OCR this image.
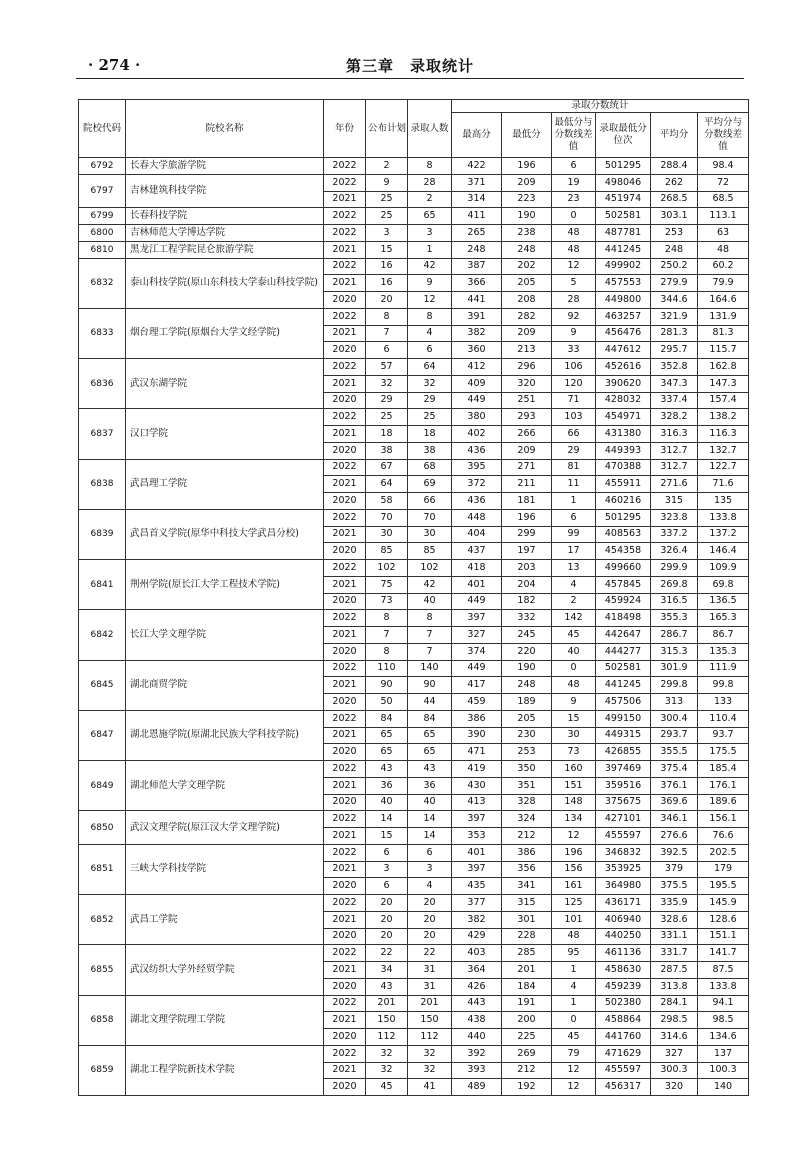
· 274 ·	第三章　录取统计
院校代码	院校名称	年份	公布计划	录取人数	录取分数统计					
					最高分	最低分	最低分与分数线差值	录取最低分位次	平均分	平均分与分数线差值
6792	长春大学旅游学院	2022	2	8	422	196	6	501295	288.4	98.4
6797	吉林建筑科技学院	2022	9	28	371	209	19	498046	262	72
		2021	25	2	314	223	23	451974	268.5	68.5
6799	长春科技学院	2022	25	65	411	190	0	502581	303.1	113.1
6800	吉林师范大学博达学院	2022	3	3	265	238	48	487781	253	63
6810	黑龙江工程学院昆仑旅游学院	2021	15	1	248	248	48	441245	248	48
6832	泰山科技学院(原山东科技大学泰山科技学院)	2022	16	42	387	202	12	499902	250.2	60.2
		2021	16	9	366	205	5	457553	279.9	79.9
		2020	20	12	441	208	28	449800	344.6	164.6
6833	烟台理工学院(原烟台大学文经学院)	2022	8	8	391	282	92	463257	321.9	131.9
		2021	7	4	382	209	9	456476	281.3	81.3
		2020	6	6	360	213	33	447612	295.7	115.7
6836	武汉东湖学院	2022	57	64	412	296	106	452616	352.8	162.8
		2021	32	32	409	320	120	390620	347.3	147.3
		2020	29	29	449	251	71	428032	337.4	157.4
6837	汉口学院	2022	25	25	380	293	103	454971	328.2	138.2
		2021	18	18	402	266	66	431380	316.3	116.3
		2020	38	38	436	209	29	449393	312.7	132.7
6838	武昌理工学院	2022	67	68	395	271	81	470388	312.7	122.7
		2021	64	69	372	211	11	455911	271.6	71.6
		2020	58	66	436	181	1	460216	315	135
6839	武昌首义学院(原华中科技大学武昌分校)	2022	70	70	448	196	6	501295	323.8	133.8
		2021	30	30	404	299	99	408563	337.2	137.2
		2020	85	85	437	197	17	454358	326.4	146.4
6841	荆州学院(原长江大学工程技术学院)	2022	102	102	418	203	13	499660	299.9	109.9
		2021	75	42	401	204	4	457845	269.8	69.8
		2020	73	40	449	182	2	459924	316.5	136.5
6842	长江大学文理学院	2022	8	8	397	332	142	418498	355.3	165.3
		2021	7	7	327	245	45	442647	286.7	86.7
		2020	8	7	374	220	40	444277	315.3	135.3
6845	湖北商贸学院	2022	110	140	449	190	0	502581	301.9	111.9
		2021	90	90	417	248	48	441245	299.8	99.8
		2020	50	44	459	189	9	457506	313	133
6847	湖北恩施学院(原湖北民族大学科技学院)	2022	84	84	386	205	15	499150	300.4	110.4
		2021	65	65	390	230	30	449315	293.7	93.7
		2020	65	65	471	253	73	426855	355.5	175.5
6849	湖北师范大学文理学院	2022	43	43	419	350	160	397469	375.4	185.4
		2021	36	36	430	351	151	359516	376.1	176.1
		2020	40	40	413	328	148	375675	369.6	189.6
6850	武汉文理学院(原江汉大学文理学院)	2022	14	14	397	324	134	427101	346.1	156.1
		2021	15	14	353	212	12	455597	276.6	76.6
6851	三峡大学科技学院	2022	6	6	401	386	196	346832	392.5	202.5
		2021	3	3	397	356	156	353925	379	179
		2020	6	4	435	341	161	364980	375.5	195.5
6852	武昌工学院	2022	20	20	377	315	125	436171	335.9	145.9
		2021	20	20	382	301	101	406940	328.6	128.6
		2020	20	20	429	228	48	440250	331.1	151.1
6855	武汉纺织大学外经贸学院	2022	22	22	403	285	95	461136	331.7	141.7
		2021	34	31	364	201	1	458630	287.5	87.5
		2020	43	31	426	184	4	459239	313.8	133.8
6858	湖北文理学院理工学院	2022	201	201	443	191	1	502380	284.1	94.1
		2021	150	150	438	200	0	458864	298.5	98.5
		2020	112	112	440	225	45	441760	314.6	134.6
6859	湖北工程学院新技术学院	2022	32	32	392	269	79	471629	327	137
		2021	32	32	393	212	12	455597	300.3	100.3
		2020	45	41	489	192	12	456317	320	140
